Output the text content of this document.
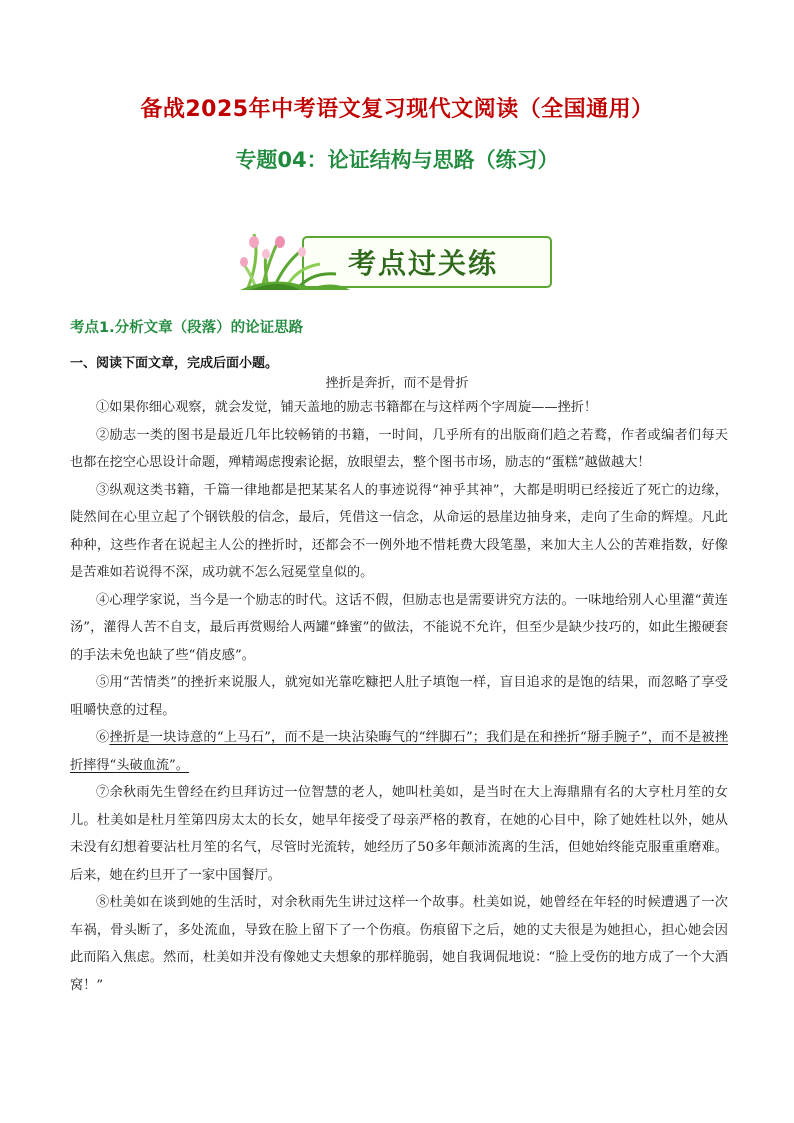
备战2025年中考语文复习现代文阅读（全国通用）
专题04：论证结构与思路（练习）
考点过关练
考点1.分析文章（段落）的论证思路
一、阅读下面文章，完成后面小题。
挫折是奔折，而不是骨折

①如果你细心观察，就会发觉，铺天盖地的励志书籍都在与这样两个字周旋——挫折！

②励志一类的图书是最近几年比较畅销的书籍，一时间，几乎所有的出版商们趋之若鹜，作者或编者们每天也都在挖空心思设计命题，殚精竭虑搜索论据，放眼望去，整个图书市场，励志的“蛋糕”越做越大！

③纵观这类书籍，千篇一律地都是把某某名人的事迹说得“神乎其神”，大都是明明已经接近了死亡的边缘，陡然间在心里立起了个钢铁般的信念，最后，凭借这一信念，从命运的悬崖边抽身来，走向了生命的辉煌。凡此种种，这些作者在说起主人公的挫折时，还都会不一例外地不惜耗费大段笔墨，来加大主人公的苦难指数，好像是苦难如若说得不深，成功就不怎么冠冕堂皇似的。

④心理学家说，当今是一个励志的时代。这话不假，但励志也是需要讲究方法的。一味地给别人心里灌“黄连汤”，灌得人苦不自支，最后再赏赐给人两罐“蜂蜜”的做法，不能说不允许，但至少是缺少技巧的，如此生搬硬套的手法未免也缺了些“俏皮感”。

⑤用“苦情类”的挫折来说服人，就宛如光靠吃糠把人肚子填饱一样，盲目追求的是饱的结果，而忽略了享受咀嚼快意的过程。

⑥挫折是一块诗意的“上马石”，而不是一块沾染晦气的“绊脚石”；我们是在和挫折“掰手腕子”，而不是被挫折摔得“头破血流”。

⑦余秋雨先生曾经在约旦拜访过一位智慧的老人，她叫杜美如，是当时在大上海鼎鼎有名的大亨杜月笙的女儿。杜美如是杜月笙第四房太太的长女，她早年接受了母亲严格的教育，在她的心目中，除了她姓杜以外，她从未没有幻想着要沾杜月笙的名气，尽管时光流转，她经历了50多年颠沛流离的生活，但她始终能克服重重磨难。后来，她在约旦开了一家中国餐厅。

⑧杜美如在谈到她的生活时，对余秋雨先生讲过这样一个故事。杜美如说，她曾经在年轻的时候遭遇了一次车祸，骨头断了，多处流血，导致在脸上留下了一个伤痕。伤痕留下之后，她的丈夫很是为她担心，担心她会因此而陷入焦虑。然而，杜美如并没有像她丈夫想象的那样脆弱，她自我调侃地说：“脸上受伤的地方成了一个大酒窝！”
